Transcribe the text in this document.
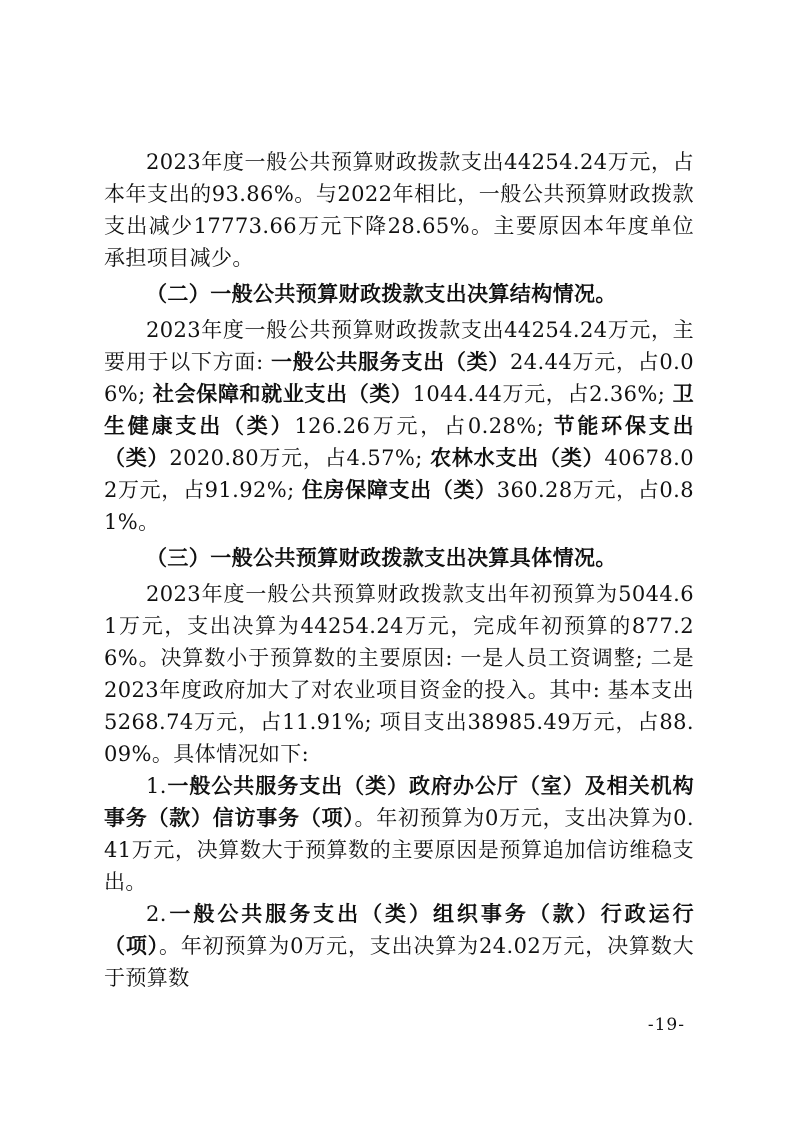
2023年度一般公共预算财政拨款支出44254.24万元，占本年支出的93.86%。与2022年相比，一般公共预算财政拨款支出减少17773.66万元下降28.65%。主要原因本年度单位承担项目减少。

（二）一般公共预算财政拨款支出决算结构情况。

2023年度一般公共预算财政拨款支出44254.24万元，主要用于以下方面: 一般公共服务支出（类）24.44万元，占0.06%; 社会保障和就业支出（类）1044.44万元，占2.36%; 卫生健康支出（类）126.26万元，占0.28%; 节能环保支出（类）2020.80万元，占4.57%; 农林水支出（类）40678.02万元，占91.92%; 住房保障支出（类）360.28万元，占0.81%。

（三）一般公共预算财政拨款支出决算具体情况。

2023年度一般公共预算财政拨款支出年初预算为5044.61万元，支出决算为44254.24万元，完成年初预算的877.26%。决算数小于预算数的主要原因: 一是人员工资调整; 二是2023年度政府加大了对农业项目资金的投入。其中: 基本支出5268.74万元，占11.91%; 项目支出38985.49万元，占88.09%。具体情况如下:

1.一般公共服务支出（类）政府办公厅（室）及相关机构事务（款）信访事务（项）。年初预算为0万元，支出决算为0.41万元，决算数大于预算数的主要原因是预算追加信访维稳支出。

2.一般公共服务支出（类）组织事务（款）行政运行（项）。年初预算为0万元，支出决算为24.02万元，决算数大于预算数

-19-
